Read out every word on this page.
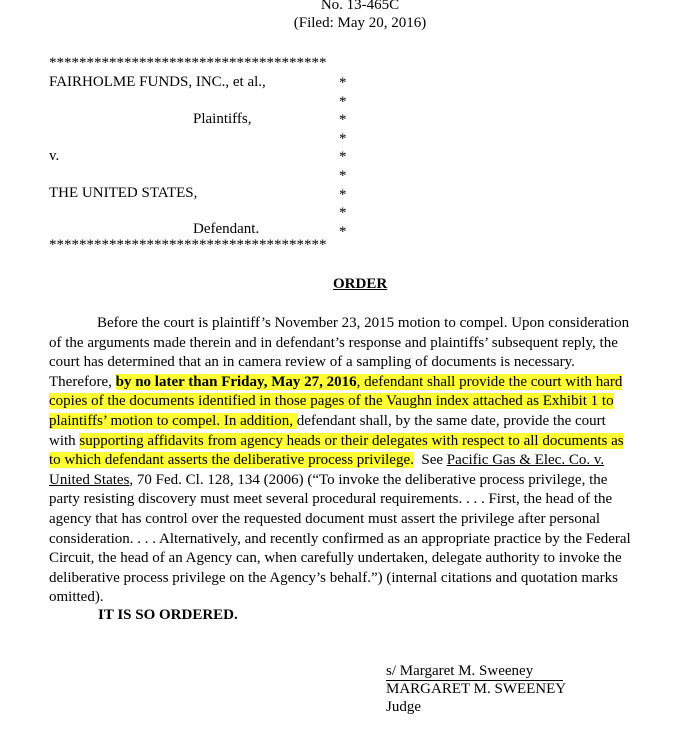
No. 13-465C
(Filed: May 20, 2016)
*************************************
FAIRHOLME FUNDS, INC., et al.,
Plaintiffs,
v.
THE UNITED STATES,
Defendant.
*************************************
*
*
*
*
*
*
*
*
*
ORDER
Before the court is plaintiff’s November 23, 2015 motion to compel. Upon consideration
of the arguments made therein and in defendant’s response and plaintiffs’ subsequent reply, the
court has determined that an in camera review of a sampling of documents is necessary.
Therefore, by no later than Friday, May 27, 2016, defendant shall provide the court with hard
copies of the documents identified in those pages of the Vaughn index attached as Exhibit 1 to
plaintiffs’ motion to compel. In addition, defendant shall, by the same date, provide the court
with supporting affidavits from agency heads or their delegates with respect to all documents as
to which defendant asserts the deliberative process privilege.  See Pacific Gas & Elec. Co. v.
United States, 70 Fed. Cl. 128, 134 (2006) (“To invoke the deliberative process privilege, the
party resisting discovery must meet several procedural requirements. . . . First, the head of the
agency that has control over the requested document must assert the privilege after personal
consideration. . . . Alternatively, and recently confirmed as an appropriate practice by the Federal
Circuit, the head of an Agency can, when carefully undertaken, delegate authority to invoke the
deliberative process privilege on the Agency’s behalf.”) (internal citations and quotation marks
omitted).
IT IS SO ORDERED.
s/ Margaret M. Sweeney
MARGARET M. SWEENEY
Judge
